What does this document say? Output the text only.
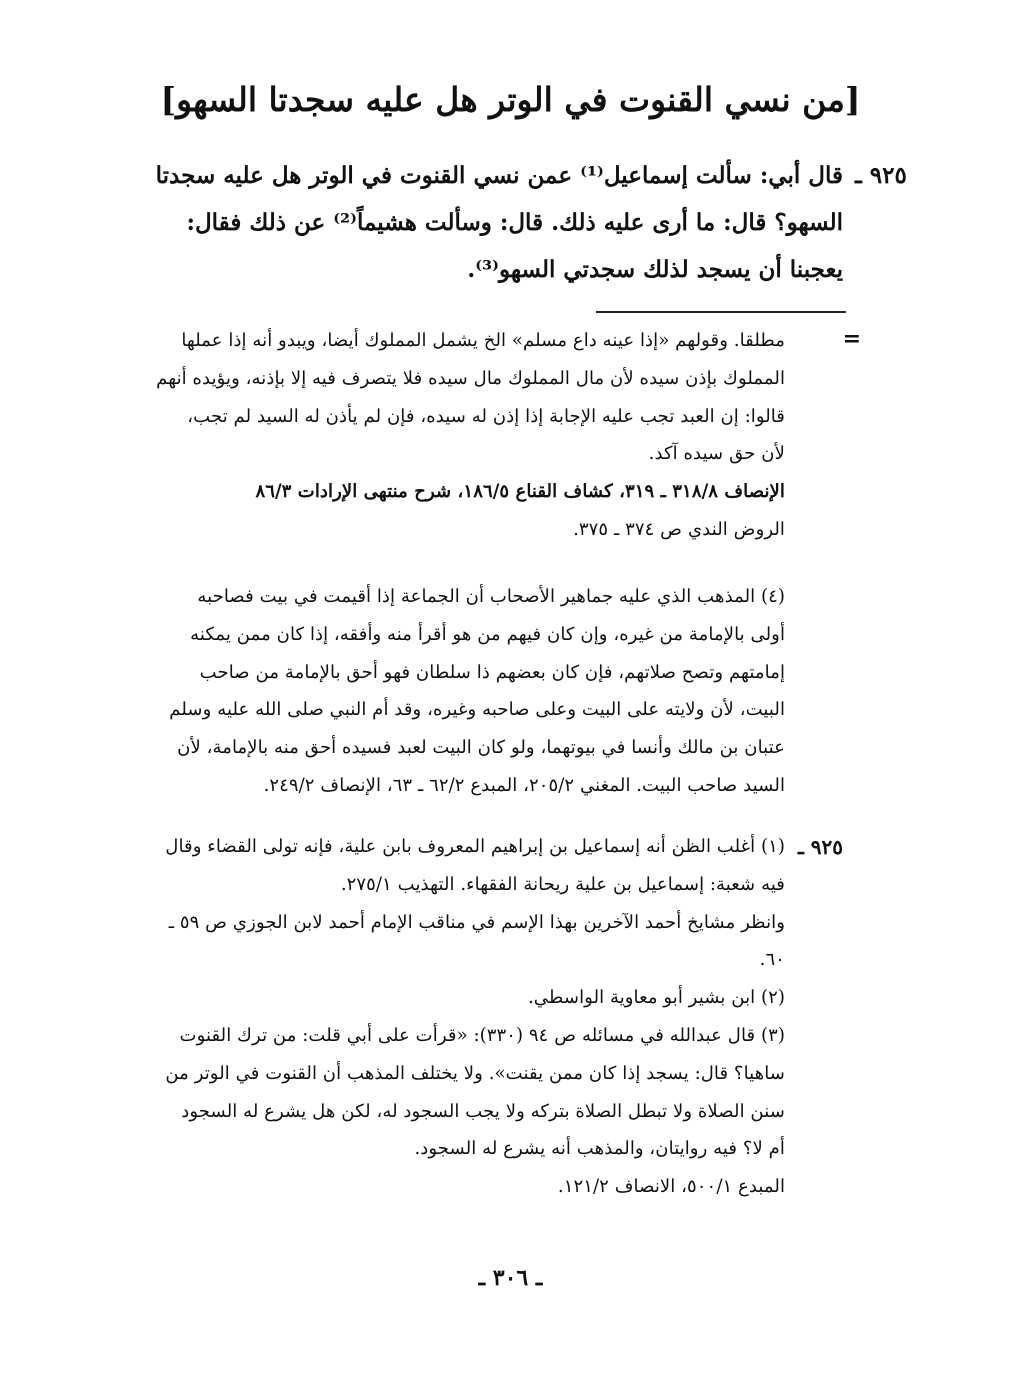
[من نسي القنوت في الوتر هل عليه سجدتا السهو]
٩٢٥ ـ
قال أبي: سألت إسماعيل⁽¹⁾ عمن نسي القنوت في الوتر هل عليه سجدتا
السهو؟ قال: ما أرى عليه ذلك. قال: وسألت هشيماً⁽²⁾ عن ذلك فقال:
يعجبنا أن يسجد لذلك سجدتي السهو⁽³⁾.
=
مطلقا. وقولهم «إذا عينه داع مسلم» الخ يشمل المملوك أيضا، ويبدو أنه إذا عملها
المملوك بإذن سيده لأن مال المملوك مال سيده فلا يتصرف فيه إلا بإذنه، ويؤيده أنهم
قالوا: إن العبد تجب عليه الإجابة إذا إذن له سيده، فإن لم يأذن له السيد لم تجب،
لأن حق سيده آكد.
الإنصاف ٣١٨/٨ ـ ٣١٩، كشاف القناع ١٨٦/٥، شرح منتهى الإرادات ٨٦/٣
الروض الندي ص ٣٧٤ ـ ٣٧٥.
(٤) المذهب الذي عليه جماهير الأصحاب أن الجماعة إذا أقيمت في بيت فصاحبه
أولى بالإمامة من غيره، وإن كان فيهم من هو أقرأ منه وأفقه، إذا كان ممن يمكنه
إمامتهم وتصح صلاتهم، فإن كان بعضهم ذا سلطان فهو أحق بالإمامة من صاحب
البيت، لأن ولايته على البيت وعلى صاحبه وغيره، وقد أم النبي صلى الله عليه وسلم
عتبان بن مالك وأنسا في بيوتهما، ولو كان البيت لعبد فسيده أحق منه بالإمامة، لأن
السيد صاحب البيت. المغني ٢٠٥/٢، المبدع ٦٢/٢ ـ ٦٣، الإنصاف ٢٤٩/٢.
٩٢٥ ـ
(١) أغلب الظن أنه إسماعيل بن إبراهيم المعروف بابن علية، فإنه تولى القضاء وقال
فيه شعبة: إسماعيل بن علية ريحانة الفقهاء. التهذيب ٢٧٥/١.
وانظر مشايخ أحمد الآخرين بهذا الإسم في مناقب الإمام أحمد لابن الجوزي ص ٥٩ ـ
٦٠.
(٢) ابن بشير أبو معاوية الواسطي.
(٣) قال عبدالله في مسائله ص ٩٤ (٣٣٠): «قرأت على أبي قلت: من ترك القنوت
ساهيا؟ قال: يسجد إذا كان ممن يقنت». ولا يختلف المذهب أن القنوت في الوتر من
سنن الصلاة ولا تبطل الصلاة بتركه ولا يجب السجود له، لكن هل يشرع له السجود
أم لا؟ فيه روايتان، والمذهب أنه يشرع له السجود.
المبدع ٥٠٠/١، الانصاف ١٢١/٢.
ـ ٣٠٦ ـ
